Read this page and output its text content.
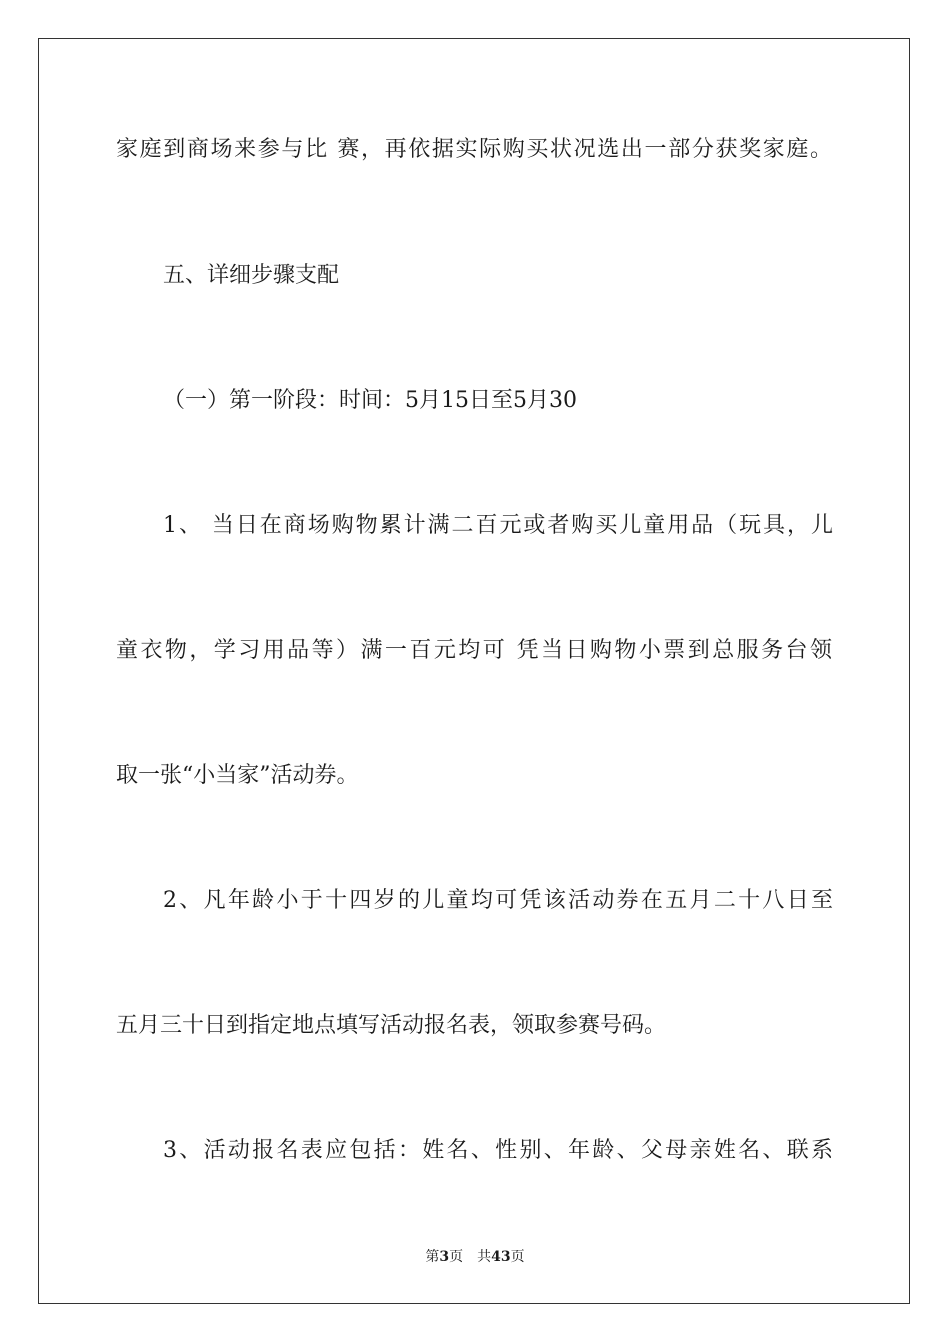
家庭到商场来参与比 赛，再依据实际购买状况选出一部分获奖家庭。
五、详细步骤支配
（一）第一阶段：时间：5月15日至5月30
1、 当日在商场购物累计满二百元或者购买儿童用品（玩具，儿
童衣物，学习用品等）满一百元均可 凭当日购物小票到总服务台领
取一张“小当家”活动券。
2、凡年龄小于十四岁的儿童均可凭该活动券在五月二十八日至
五月三十日到指定地点填写活动报名表，领取参赛号码。
3、活动报名表应包括：姓名、性别、年龄、父母亲姓名、联系
第3页 共43页
